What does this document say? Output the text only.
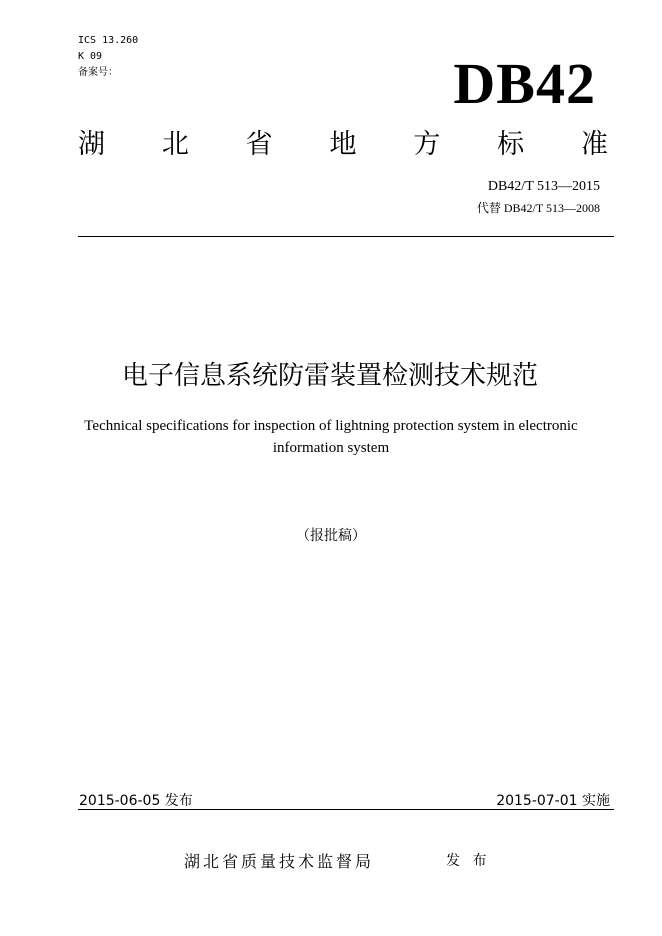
ICS 13.260
K 09
备案号：	DB42
湖 北 省 地 方 标 准
DB42/T 513—2015
代替 DB42/T 513—2008
电子信息系统防雷装置检测技术规范
Technical specifications for inspection of lightning protection system in electronic
information system
（报批稿）
2015-06-05 发布	2015-07-01 实施
湖北省质量技术监督局	发 布
